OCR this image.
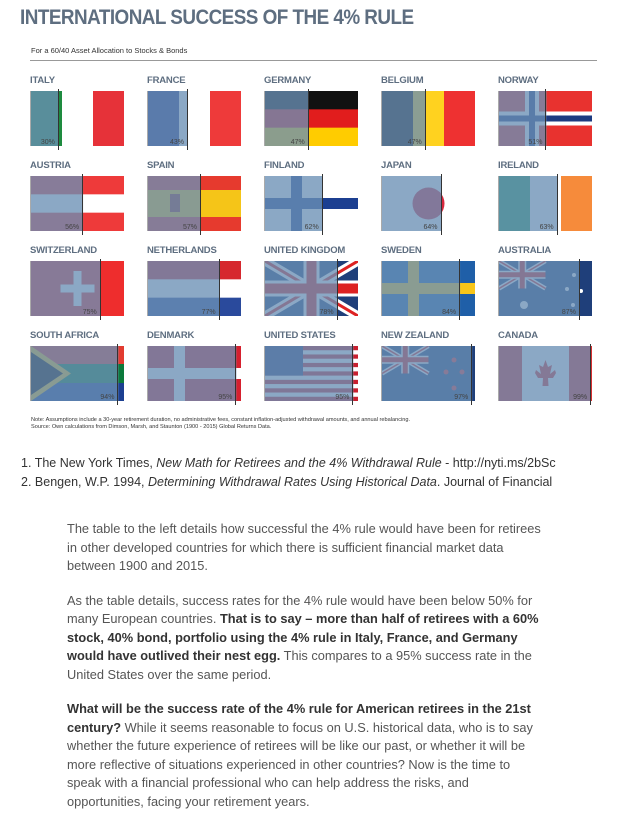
INTERNATIONAL SUCCESS OF THE 4% RULE
For a 60/40 Asset Allocation to Stocks & Bonds
ITALY
30%
FRANCE
43%
GERMANY
47%
BELGIUM
47%
NORWAY
51%
AUSTRIA
56%
SPAIN
57%
FINLAND
62%
JAPAN
64%
IRELAND
63%
SWITZERLAND
75%
NETHERLANDS
77%
UNITED KINGDOM
78%
SWEDEN
84%
AUSTRALIA
87%
SOUTH AFRICA
94%
DENMARK
95%
UNITED STATES
95%
NEW ZEALAND
97%
CANADA
99%
Note: Assumptions include a 30-year retirement duration, no administrative fees, constant inflation-adjusted withdrawal amounts, and annual rebalancing.
Source: Own calculations from Dimson, Marsh, and Staunton (1900 - 2015) Global Returns Data.
1. The New York Times, New Math for Retirees and the 4% Withdrawal Rule - http://nyti.ms/2bSc
2. Bengen, W.P. 1994, Determining Withdrawal Rates Using Historical Data. Journal of Financial

The table to the left details how successful the 4% rule would have been for retirees in other developed countries for which there is sufficient financial market data between 1900 and 2015.

As the table details, success rates for the 4% rule would have been below 50% for many European countries. That is to say – more than half of retirees with a 60% stock, 40% bond, portfolio using the 4% rule in Italy, France, and Germany would have outlived their nest egg. This compares to a 95% success rate in the United States over the same period.

What will be the success rate of the 4% rule for American retirees in the 21st century? While it seems reasonable to focus on U.S. historical data, who is to say whether the future experience of retirees will be like our past, or whether it will be more reflective of situations experienced in other countries? Now is the time to speak with a financial professional who can help address the risks, and opportunities, facing your retirement years.
